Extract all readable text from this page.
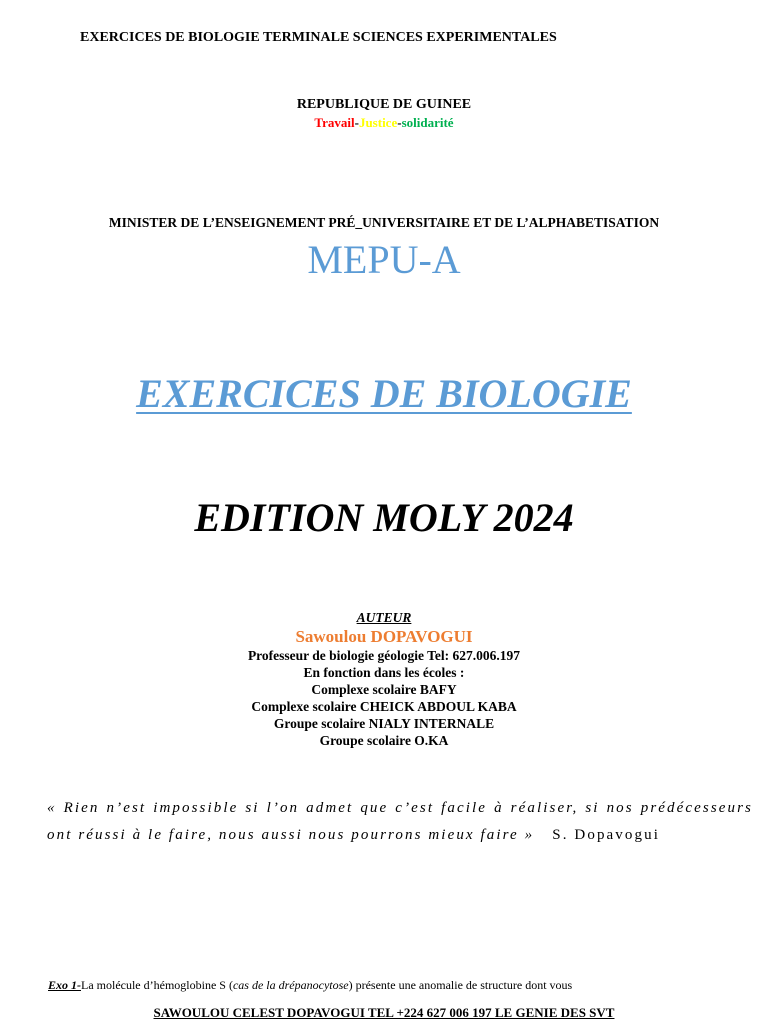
EXERCICES DE BIOLOGIE TERMINALE SCIENCES EXPERIMENTALES
REPUBLIQUE DE GUINEE
Travail-Justice-solidarité
MINISTER DE L’ENSEIGNEMENT PRÉ_UNIVERSITAIRE ET DE L’ALPHABETISATION
MEPU-A
EXERCICES DE BIOLOGIE
EDITION MOLY 2024
AUTEUR
Sawoulou DOPAVOGUI
Professeur de biologie géologie Tel: 627.006.197
En fonction dans les écoles :
Complexe scolaire BAFY
Complexe scolaire CHEICK ABDOUL KABA
Groupe scolaire NIALY INTERNALE
Groupe scolaire O.KA
« Rien n’est impossible si l’on admet que c’est facile à réaliser, si nos prédécesseurs ont réussi à le faire, nous aussi nous pourrons mieux faire » S. Dopavogui
Exo 1-La molécule d’hémoglobine S (cas de la drépanocytose) présente une anomalie de structure dont vous
SAWOULOU CELEST DOPAVOGUI TEL +224 627 006 197 LE GENIE DES SVT
